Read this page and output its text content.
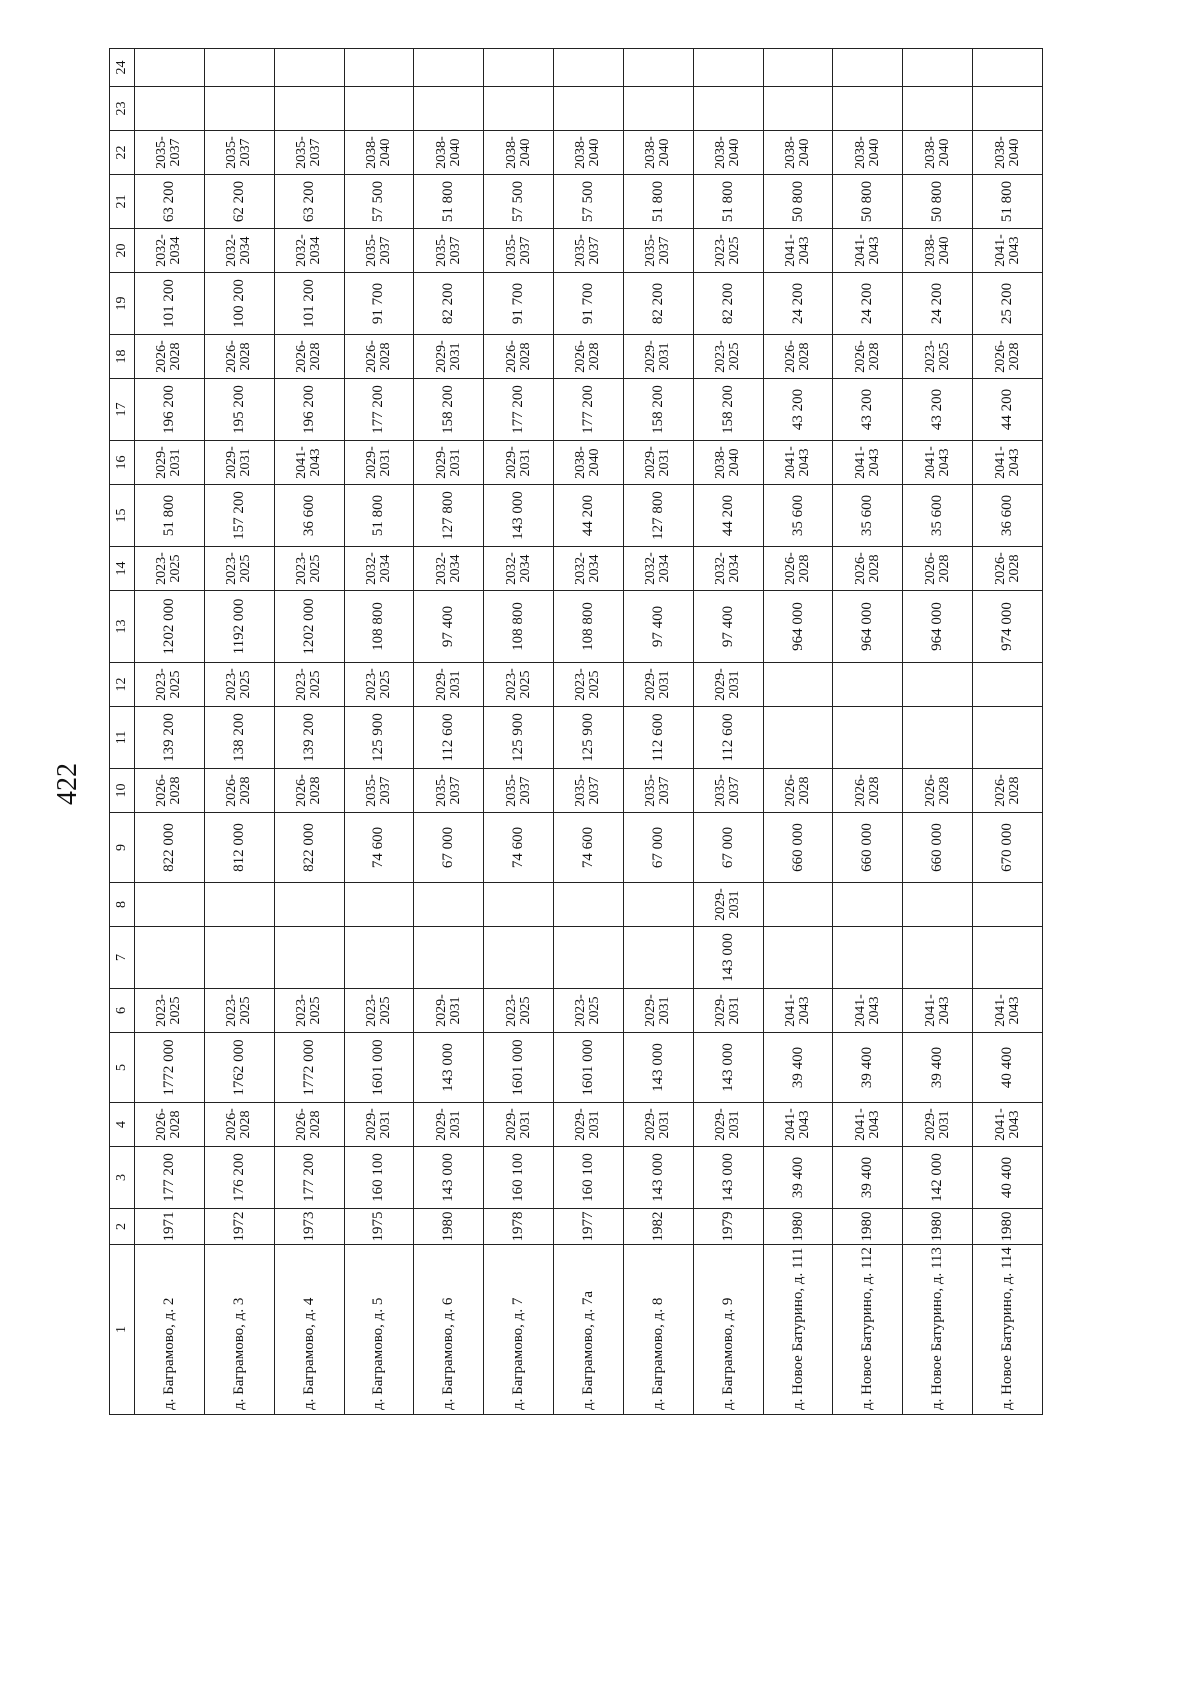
422
1	2	3	4	5	6	7	8	9	10	11	12	13	14	15	16	17	18	19	20	21	22	23	24
д. Баграмово, д. 2	1971	177 200	2026-2028	1772 000	2023-2025			822 000	2026-2028	139 200	2023-2025	1202 000	2023-2025	51 800	2029-2031	196 200	2026-2028	101 200	2032-2034	63 200	2035-2037		
д. Баграмово, д. 3	1972	176 200	2026-2028	1762 000	2023-2025			812 000	2026-2028	138 200	2023-2025	1192 000	2023-2025	157 200	2029-2031	195 200	2026-2028	100 200	2032-2034	62 200	2035-2037		
д. Баграмово, д. 4	1973	177 200	2026-2028	1772 000	2023-2025			822 000	2026-2028	139 200	2023-2025	1202 000	2023-2025	36 600	2041-2043	196 200	2026-2028	101 200	2032-2034	63 200	2035-2037		
д. Баграмово, д. 5	1975	160 100	2029-2031	1601 000	2023-2025			74 600	2035-2037	125 900	2023-2025	108 800	2032-2034	51 800	2029-2031	177 200	2026-2028	91 700	2035-2037	57 500	2038-2040		
д. Баграмово, д. 6	1980	143 000	2029-2031	143 000	2029-2031			67 000	2035-2037	112 600	2029-2031	97 400	2032-2034	127 800	2029-2031	158 200	2029-2031	82 200	2035-2037	51 800	2038-2040		
д. Баграмово, д. 7	1978	160 100	2029-2031	1601 000	2023-2025			74 600	2035-2037	125 900	2023-2025	108 800	2032-2034	143 000	2029-2031	177 200	2026-2028	91 700	2035-2037	57 500	2038-2040		
д. Баграмово, д. 7а	1977	160 100	2029-2031	1601 000	2023-2025			74 600	2035-2037	125 900	2023-2025	108 800	2032-2034	44 200	2038-2040	177 200	2026-2028	91 700	2035-2037	57 500	2038-2040		
д. Баграмово, д. 8	1982	143 000	2029-2031	143 000	2029-2031			67 000	2035-2037	112 600	2029-2031	97 400	2032-2034	127 800	2029-2031	158 200	2029-2031	82 200	2035-2037	51 800	2038-2040		
д. Баграмово, д. 9	1979	143 000	2029-2031	143 000	2029-2031	143 000	2029-2031	67 000	2035-2037	112 600	2029-2031	97 400	2032-2034	44 200	2038-2040	158 200	2023-2025	82 200	2023-2025	51 800	2038-2040		
д. Новое Батурино, д. 111	1980	39 400	2041-2043	39 400	2041-2043			660 000	2026-2028			964 000	2026-2028	35 600	2041-2043	43 200	2026-2028	24 200	2041-2043	50 800	2038-2040		
д. Новое Батурино, д. 112	1980	39 400	2041-2043	39 400	2041-2043			660 000	2026-2028			964 000	2026-2028	35 600	2041-2043	43 200	2026-2028	24 200	2041-2043	50 800	2038-2040		
д. Новое Батурино, д. 113	1980	142 000	2029-2031	39 400	2041-2043			660 000	2026-2028			964 000	2026-2028	35 600	2041-2043	43 200	2023-2025	24 200	2038-2040	50 800	2038-2040		
д. Новое Батурино, д. 114	1980	40 400	2041-2043	40 400	2041-2043			670 000	2026-2028			974 000	2026-2028	36 600	2041-2043	44 200	2026-2028	25 200	2041-2043	51 800	2038-2040		
